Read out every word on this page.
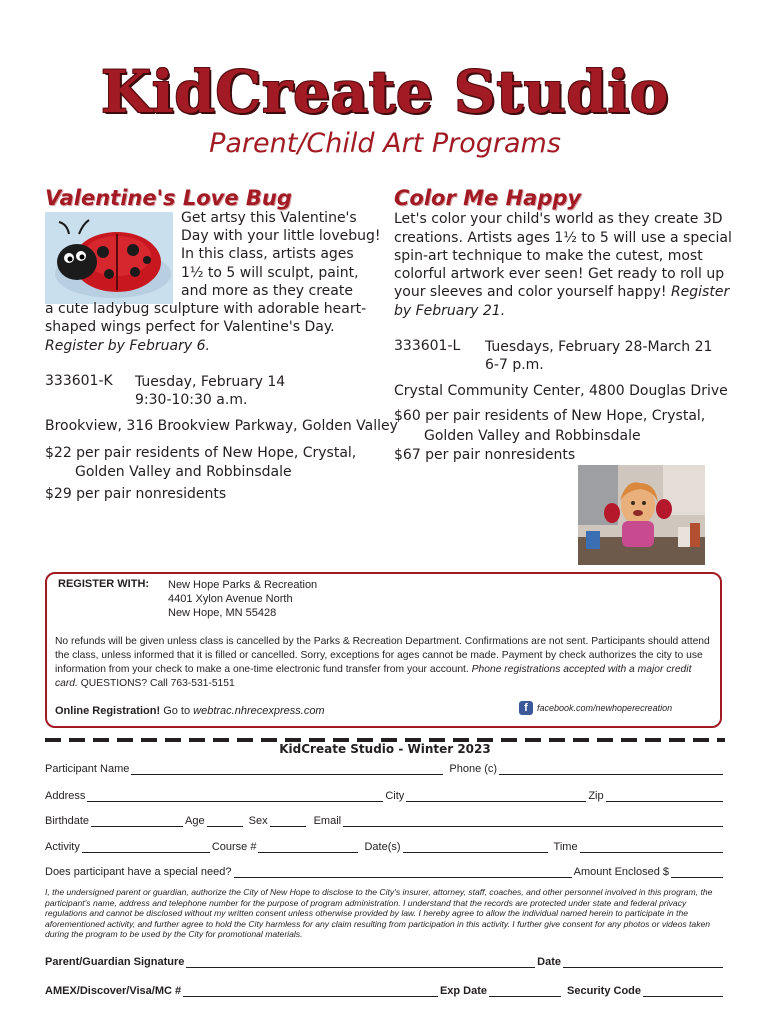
KidCreate Studio
Parent/Child Art Programs
Valentine's Love Bug
Get artsy this Valentine's
Day with your little lovebug!
In this class, artists ages
1½ to 5 will sculpt, paint,
and more as they create
a cute ladybug sculpture with adorable heart-
shaped wings perfect for Valentine's Day.
Register by February 6.
333601-K Tuesday, February 14
9:30-10:30 a.m.
Brookview, 316 Brookview Parkway, Golden Valley
$22 per pair residents of New Hope, Crystal,
Golden Valley and Robbinsdale
$29 per pair nonresidents
Color Me Happy
Let's color your child's world as they create 3D
creations. Artists ages 1½ to 5 will use a special
spin-art technique to make the cutest, most
colorful artwork ever seen! Get ready to roll up
your sleeves and color yourself happy! Register
by February 21.
333601-L Tuesdays, February 28-March 21
6-7 p.m.
Crystal Community Center, 4800 Douglas Drive
$60 per pair residents of New Hope, Crystal,
Golden Valley and Robbinsdale
$67 per pair nonresidents
REGISTER WITH: New Hope Parks & Recreation
4401 Xylon Avenue North
New Hope, MN 55428
No refunds will be given unless class is cancelled by the Parks & Recreation Department. Confirmations are not sent. Participants should attend the class, unless informed that it is filled or cancelled. Sorry, exceptions for ages cannot be made. Payment by check authorizes the city to use information from your check to make a one-time electronic fund transfer from your account. Phone registrations accepted with a major credit card. QUESTIONS? Call 763-531-5151
Online Registration! Go to webtrac.nhrecexpress.com	f	facebook.com/newhoperecreation
KidCreate Studio - Winter 2023
Participant Name	Phone (c)
Address	City	Zip
Birthdate	Age	Sex	Email
Activity	Course #	Date(s)	Time
Does participant have a special need?	Amount Enclosed $
I, the undersigned parent or guardian, authorize the City of New Hope to disclose to the City's insurer, attorney, staff, coaches, and other personnel involved in this program, the participant's name, address and telephone number for the purpose of program administration. I understand that the records are protected under state and federal privacy regulations and cannot be disclosed without my written consent unless otherwise provided by law. I hereby agree to allow the individual named herein to participate in the aforementioned activity, and further agree to hold the City harmless for any claim resulting from participation in this activity. I further give consent for any photos or videos taken during the program to be used by the City for promotional materials.
Parent/Guardian Signature	Date
AMEX/Discover/Visa/MC #	Exp Date	Security Code
